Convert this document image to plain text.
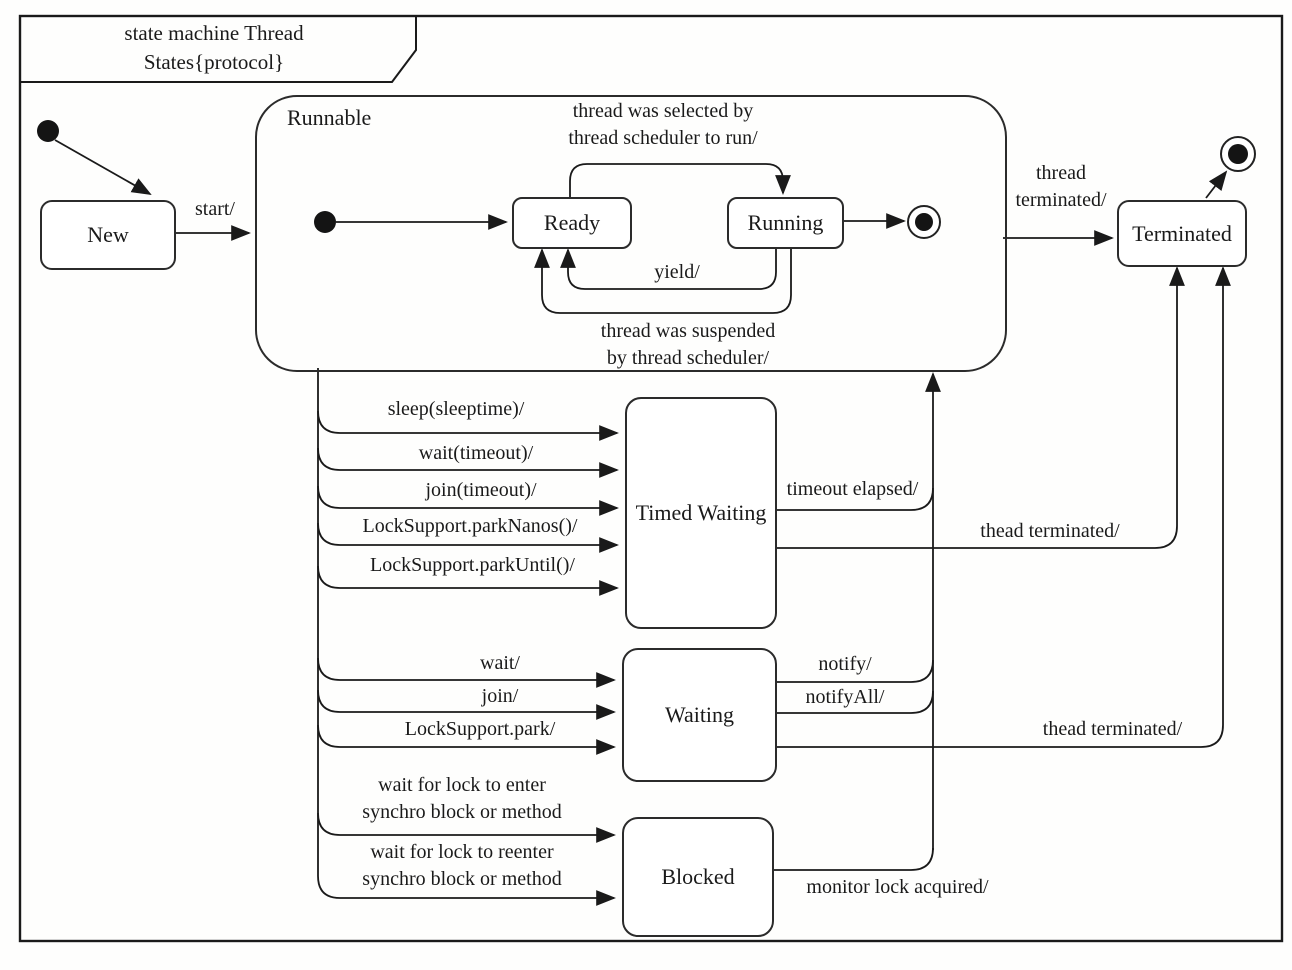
state machine Thread
States{protocol}
New
Runnable
Ready	Running	Terminated
Timed Waiting
Waiting
Blocked
start/
thread was selected by
thread scheduler to run/
yield/
thread was suspended
by thread scheduler/
thread
terminated/
sleep(sleeptime)/
wait(timeout)/
join(timeout)/
LockSupport.parkNanos()/
LockSupport.parkUntil()/
timeout elapsed/
thead terminated/
wait/
join/
LockSupport.park/
notify/
notifyAll/
thead terminated/
wait for lock to enter
synchro block or method
wait for lock to reenter
synchro block or method	monitor lock acquired/
